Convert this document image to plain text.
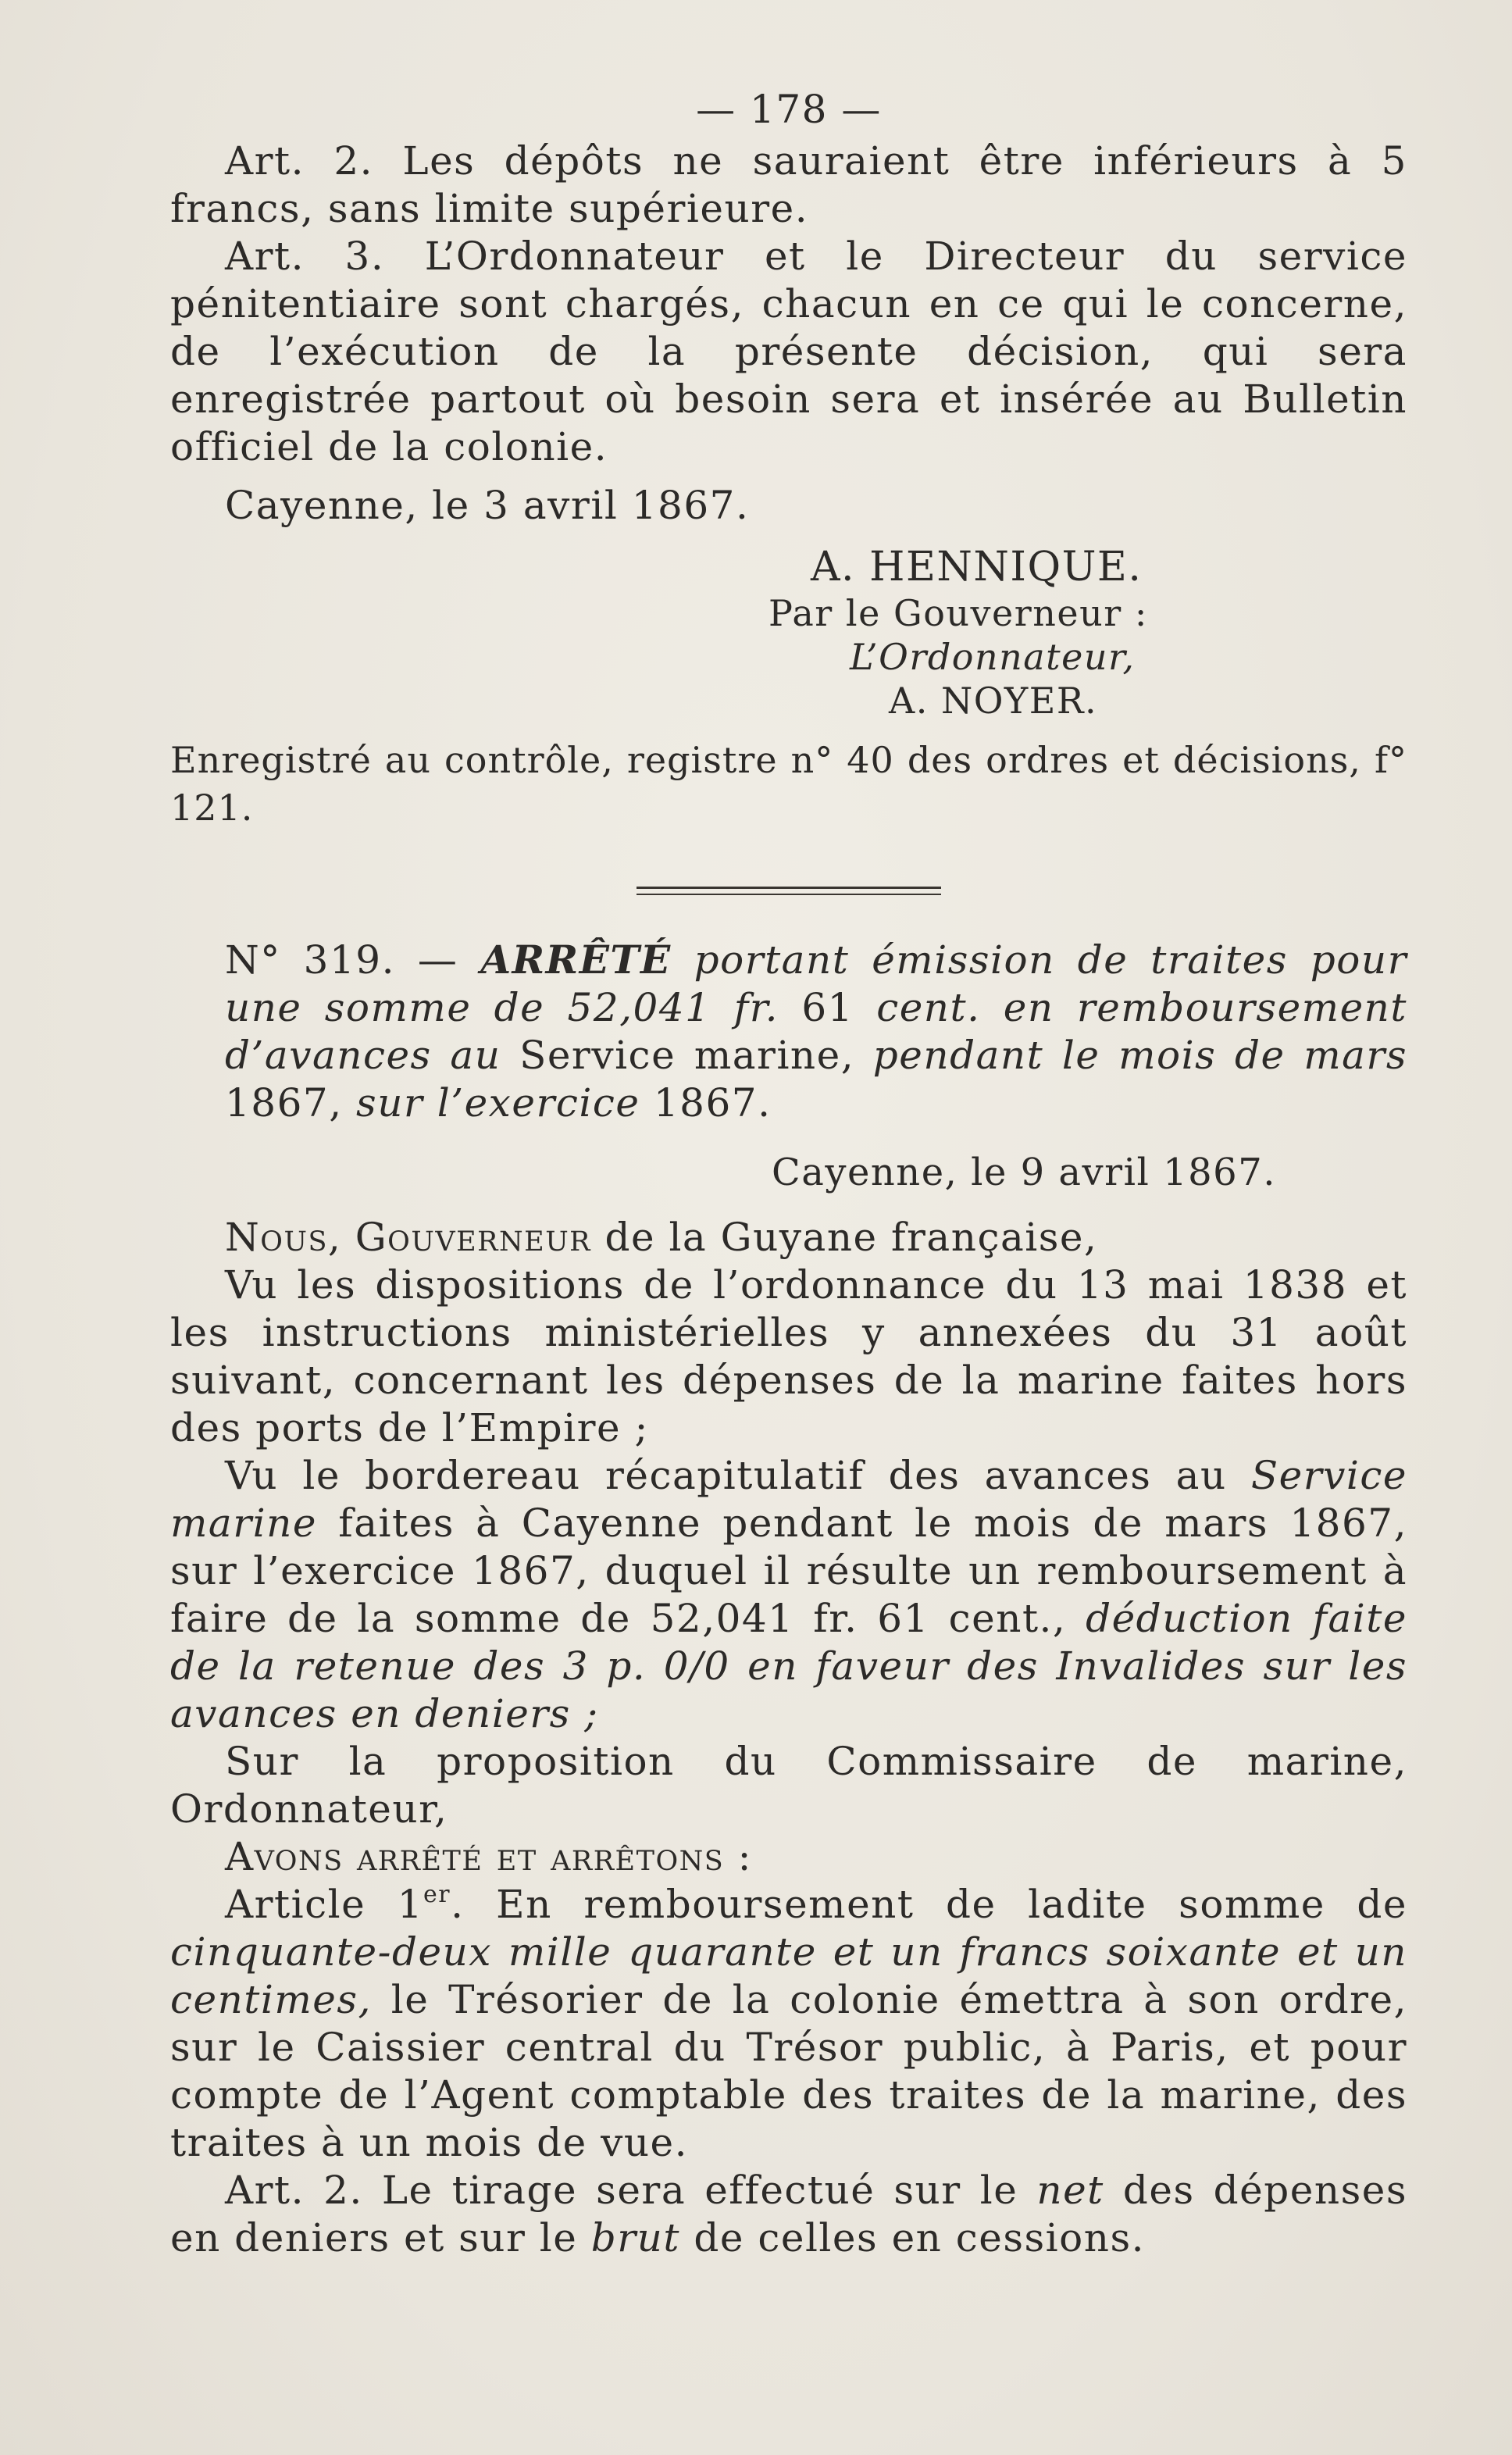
— 178 —

Art. 2. Les dépôts ne sauraient être inférieurs à 5 francs, sans limite supérieure.

Art. 3. L’Ordonnateur et le Directeur du service pénitentiaire sont chargés, chacun en ce qui le concerne, de l’exécution de la présente décision, qui sera enregistrée partout où besoin sera et insérée au Bulletin officiel de la colonie.

Cayenne, le 3 avril 1867.

A. HENNIQUE.
Par le Gouverneur :
L’Ordonnateur,
A. NOYER.

Enregistré au contrôle, registre n° 40 des ordres et décisions, f° 121.

N° 319. — ARRÊTÉ portant émission de traites pour une somme de 52,041 fr. 61 cent. en remboursement d’avances au Service marine, pendant le mois de mars 1867, sur l’exercice 1867.

Cayenne, le 9 avril 1867.

Nous, Gouverneur de la Guyane française,

Vu les dispositions de l’ordonnance du 13 mai 1838 et les instructions ministérielles y annexées du 31 août suivant, concernant les dépenses de la marine faites hors des ports de l’Empire ;

Vu le bordereau récapitulatif des avances au Service marine faites à Cayenne pendant le mois de mars 1867, sur l’exercice 1867, duquel il résulte un remboursement à faire de la somme de 52,041 fr. 61 cent., déduction faite de la retenue des 3 p. 0/0 en faveur des Invalides sur les avances en deniers ;

Sur la proposition du Commissaire de marine, Ordonnateur,

Avons arrêté et arrêtons :

Article 1er. En remboursement de ladite somme de cinquante-deux mille quarante et un francs soixante et un centimes, le Trésorier de la colonie émettra à son ordre, sur le Caissier central du Trésor public, à Paris, et pour compte de l’Agent comptable des traites de la marine, des traites à un mois de vue.

Art. 2. Le tirage sera effectué sur le net des dépenses en deniers et sur le brut de celles en cessions.
